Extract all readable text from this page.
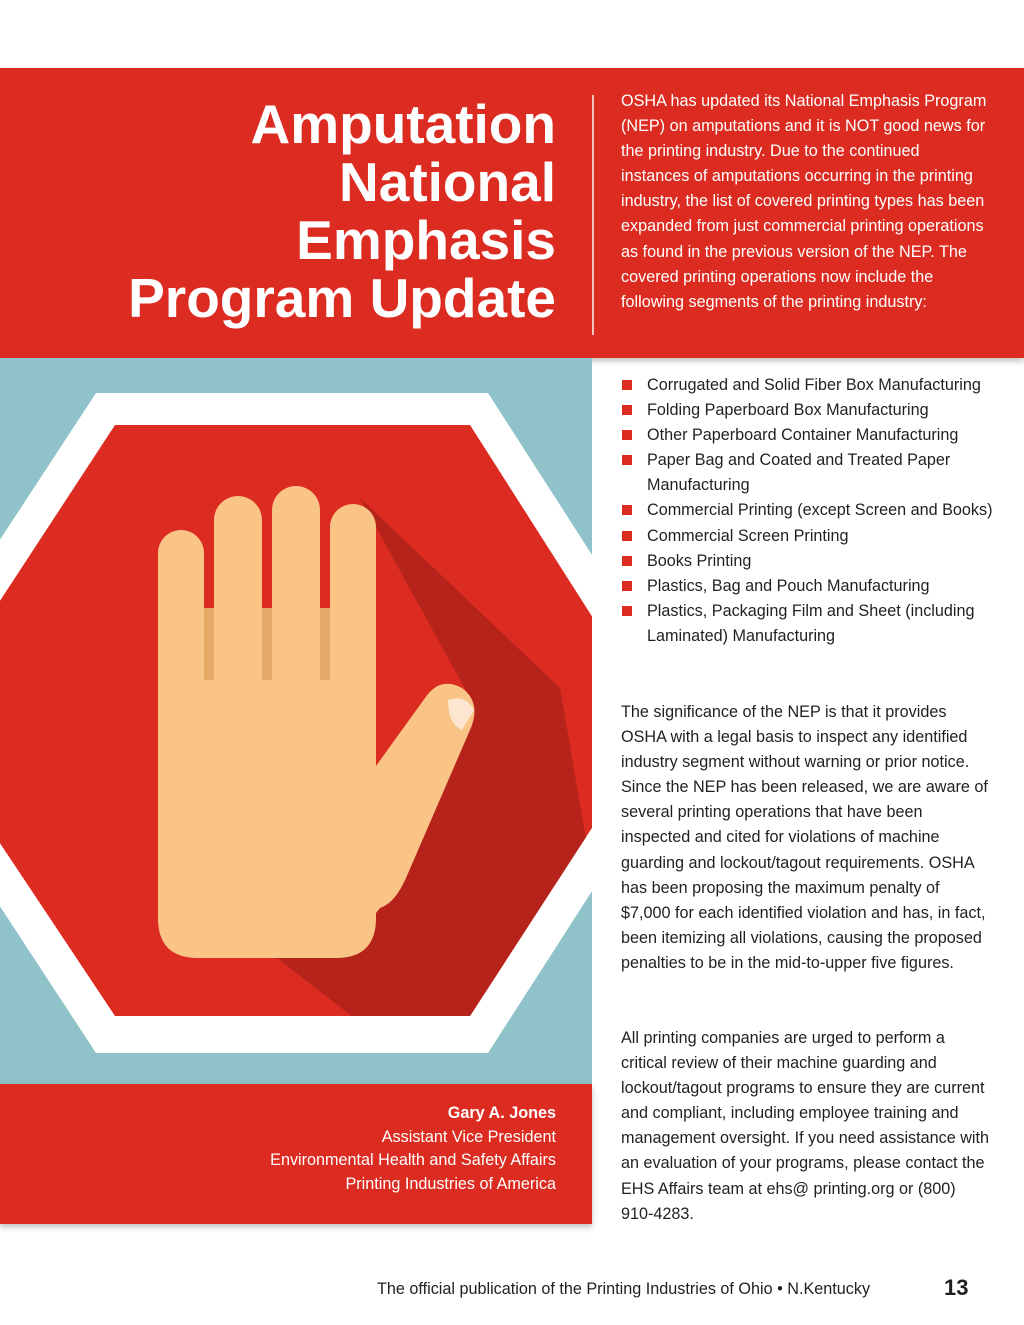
Amputation
National
Emphasis
Program Update

OSHA has updated its National Emphasis Program (NEP) on amputations and it is NOT good news for the printing industry. Due to the continued instances of amputations occurring in the printing industry, the list of covered printing types has been expanded from just commercial printing operations as found in the previous version of the NEP. The covered printing operations now include the following segments of the printing industry:

Gary A. Jones
Assistant Vice President
Environmental Health and Safety Affairs
Printing Industries of America
Corrugated and Solid Fiber Box Manufacturing
Folding Paperboard Box Manufacturing
Other Paperboard Container Manufacturing
Paper Bag and Coated and Treated Paper Manufacturing
Commercial Printing (except Screen and Books)
Commercial Screen Printing
Books Printing
Plastics, Bag and Pouch Manufacturing
Plastics, Packaging Film and Sheet (including Laminated) Manufacturing

The significance of the NEP is that it provides OSHA with a legal basis to inspect any identified industry segment without warning or prior notice. Since the NEP has been released, we are aware of several printing operations that have been inspected and cited for violations of machine guarding and lockout/tagout requirements. OSHA has been proposing the maximum penalty of $7,000 for each identified violation and has, in fact, been itemizing all violations, causing the proposed penalties to be in the mid-to-upper five figures.

All printing companies are urged to perform a critical review of their machine guarding and lockout/tagout programs to ensure they are current and compliant, including employee training and management oversight. If you need assistance with an evaluation of your programs, please contact the EHS Affairs team at ehs@ printing.org or (800) 910-4283.

The official publication of the Printing Industries of Ohio • N.Kentucky	13
